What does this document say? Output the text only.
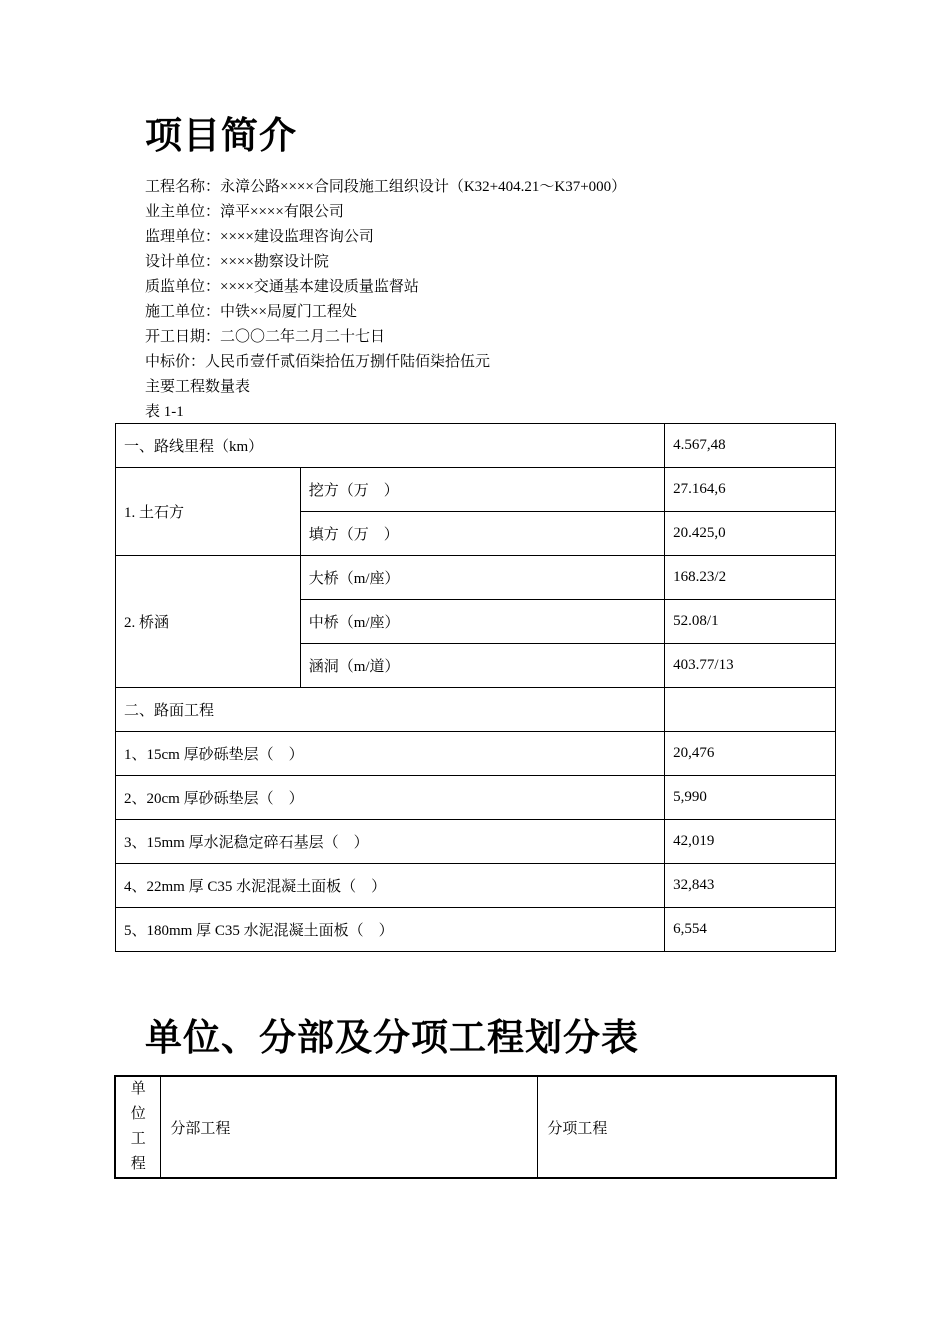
项目简介
工程名称：永漳公路××××合同段施工组织设计（K32+404.21～K37+000）
业主单位：漳平××××有限公司
监理单位：××××建设监理咨询公司
设计单位：××××勘察设计院
质监单位：××××交通基本建设质量监督站
施工单位：中铁××局厦门工程处
开工日期：二〇〇二年二月二十七日
中标价：人民币壹仟贰佰柒拾伍万捌仟陆佰柒拾伍元
主要工程数量表
表 1-1
一、路线里程（km）		4.567,48
1. 土石方	挖方（万　）	27.164,6
	填方（万　）	20.425,0
2. 桥涵	大桥（m/座）	168.23/2
	中桥（m/座）	52.08/1
	涵洞（m/道）	403.77/13
二、路面工程		
1、15cm 厚砂砾垫层（　）		20,476
2、20cm 厚砂砾垫层（　）		5,990
3、15mm 厚水泥稳定碎石基层（　）		42,019
4、22mm 厚 C35 水泥混凝土面板（　）		32,843
5、180mm 厚 C35 水泥混凝土面板（　）		6,554
单位、分部及分项工程划分表
单
位
工
程
	分部工程	分项工程
